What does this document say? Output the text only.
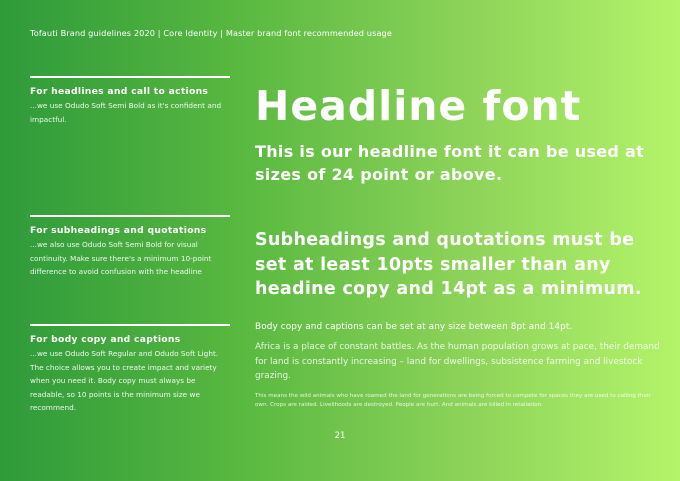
Tofauti Brand guidelines 2020 | Core Identity | Master brand font recommended usage
For headlines and call to actions

...we use Odudo Soft Semi Bold as it's confident and impactful.

For subheadings and quotations

...we also use Odudo Soft Semi Bold for visual continuity. Make sure there's a minimum 10-point difference to avoid confusion with the headline

For body copy and captions

...we use Odudo Soft Regular and Odudo Soft Light. The choice allows you to create impact and variety when you need it. Body copy must always be readable, so 10 points is the minimum size we recommend.

Headline font
This is our headline font it can be used at sizes of 24 point or above.
Subheadings and quotations must be set at least 10pts smaller than any headine copy and 14pt as a minimum.
Body copy and captions can be set at any size between 8pt and 14pt.
Africa is a place of constant battles. As the human population grows at pace, their demand for land is constantly increasing – land for dwellings, subsistence farming and livestock grazing.
This means the wild animals who have roamed the land for generations are being forced to compete for spaces they are used to calling their own. Crops are raided. Livelihoods are destroyed. People are hurt. And animals are killed in retaliation.
21
